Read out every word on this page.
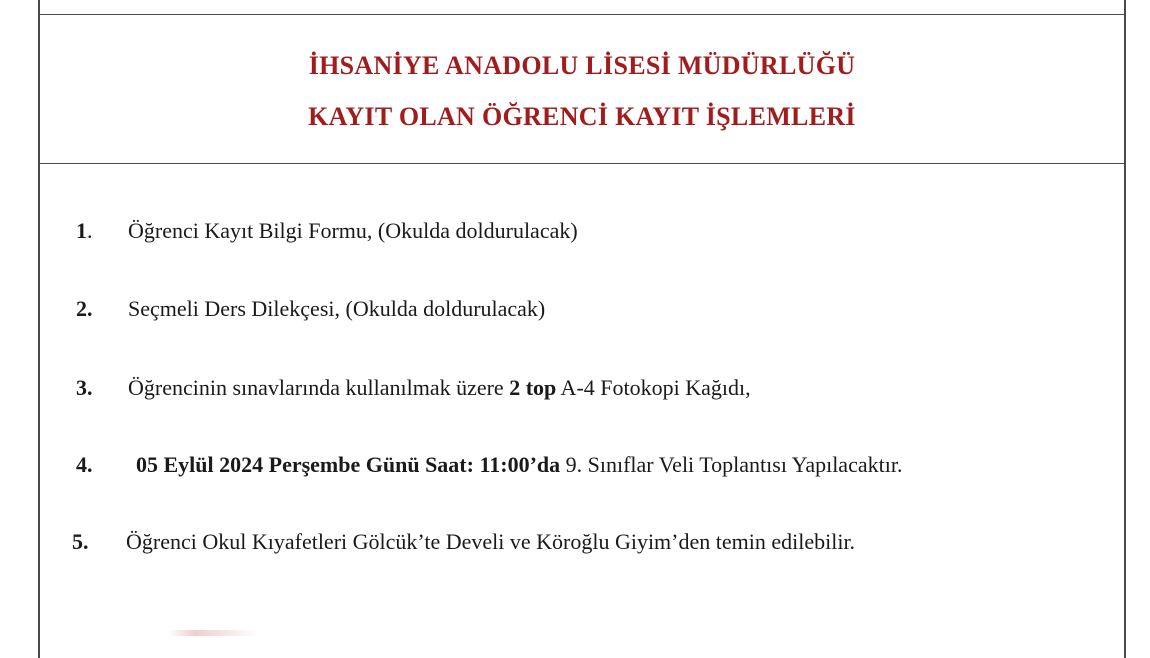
İHSANİYE ANADOLU LİSESİ MÜDÜRLÜĞÜ
KAYIT OLAN ÖĞRENCİ KAYIT İŞLEMLERİ
1. Öğrenci Kayıt Bilgi Formu, (Okulda doldurulacak)
2. Seçmeli Ders Dilekçesi, (Okulda doldurulacak)
3. Öğrencinin sınavlarında kullanılmak üzere 2 top A-4 Fotokopi Kağıdı,
4. 05 Eylül 2024 Perşembe Günü Saat: 11:00’da 9. Sınıflar Veli Toplantısı Yapılacaktır.
5. Öğrenci Okul Kıyafetleri Gölcük’te Develi ve Köroğlu Giyim’den temin edilebilir.
